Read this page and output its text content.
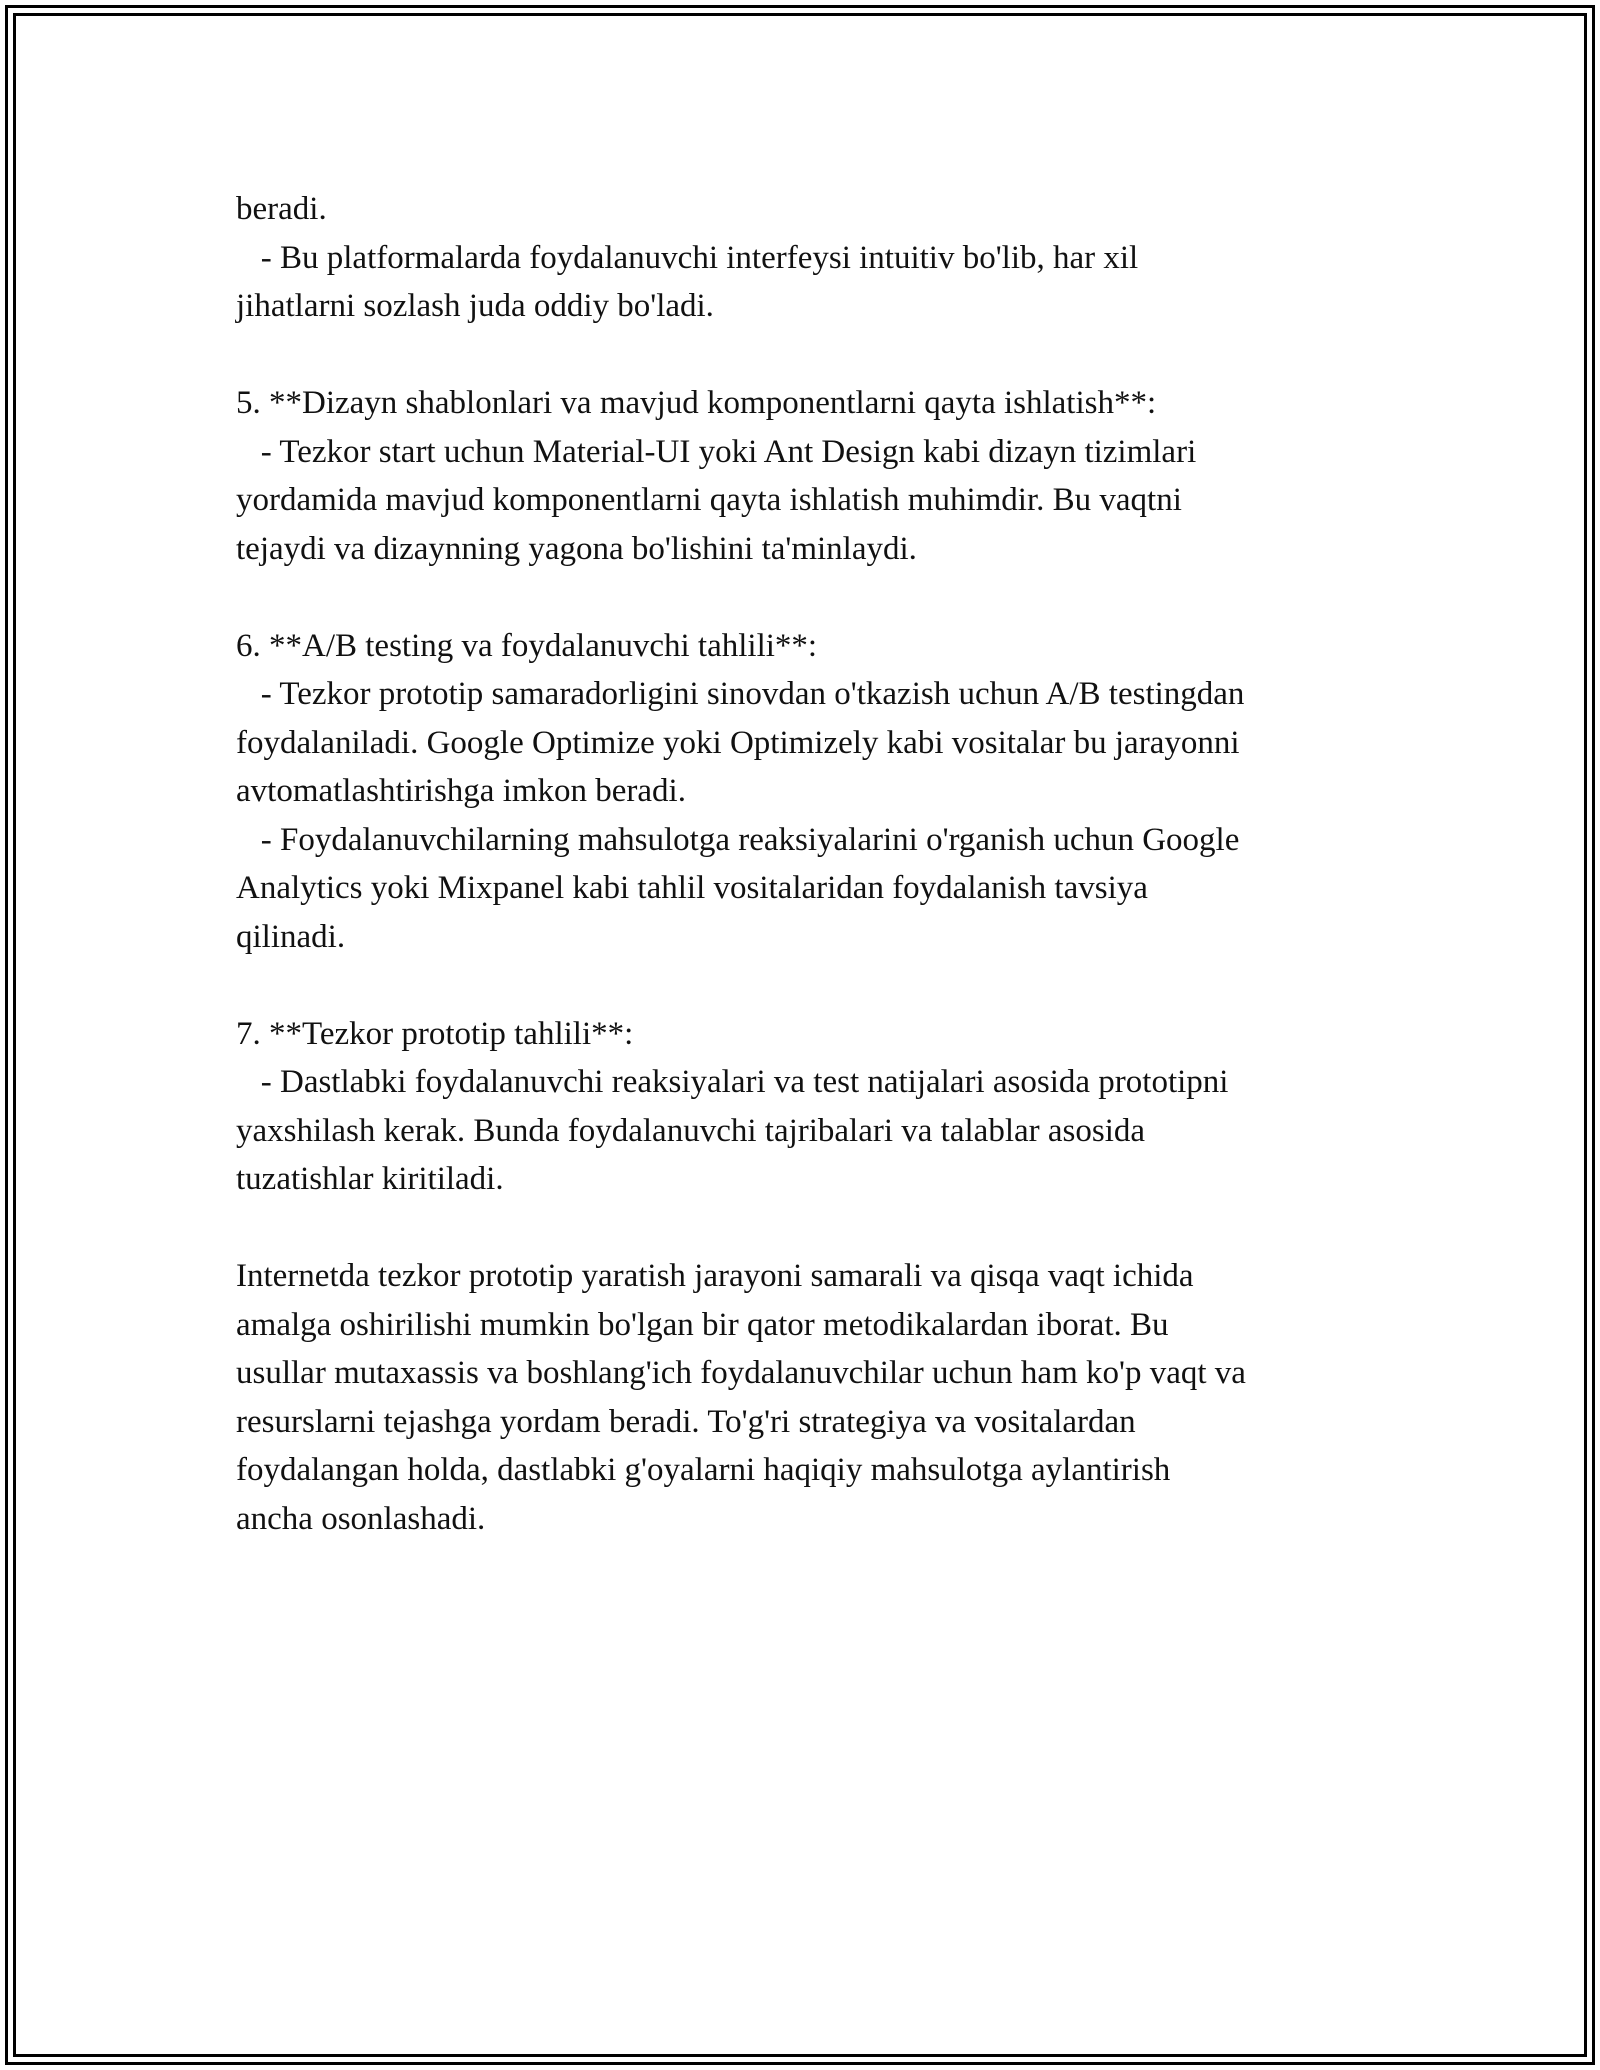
beradi.
- Bu platformalarda foydalanuvchi interfeysi intuitiv bo'lib, har xil
jihatlarni sozlash juda oddiy bo'ladi.
5. **Dizayn shablonlari va mavjud komponentlarni qayta ishlatish**:
- Tezkor start uchun Material-UI yoki Ant Design kabi dizayn tizimlari
yordamida mavjud komponentlarni qayta ishlatish muhimdir. Bu vaqtni
tejaydi va dizaynning yagona bo'lishini ta'minlaydi.
6. **A/B testing va foydalanuvchi tahlili**:
- Tezkor prototip samaradorligini sinovdan o'tkazish uchun A/B testingdan
foydalaniladi. Google Optimize yoki Optimizely kabi vositalar bu jarayonni
avtomatlashtirishga imkon beradi.
- Foydalanuvchilarning mahsulotga reaksiyalarini o'rganish uchun Google
Analytics yoki Mixpanel kabi tahlil vositalaridan foydalanish tavsiya
qilinadi.
7. **Tezkor prototip tahlili**:
- Dastlabki foydalanuvchi reaksiyalari va test natijalari asosida prototipni
yaxshilash kerak. Bunda foydalanuvchi tajribalari va talablar asosida
tuzatishlar kiritiladi.
Internetda tezkor prototip yaratish jarayoni samarali va qisqa vaqt ichida
amalga oshirilishi mumkin bo'lgan bir qator metodikalardan iborat. Bu
usullar mutaxassis va boshlang'ich foydalanuvchilar uchun ham ko'p vaqt va
resurslarni tejashga yordam beradi. To'g'ri strategiya va vositalardan
foydalangan holda, dastlabki g'oyalarni haqiqiy mahsulotga aylantirish
ancha osonlashadi.
